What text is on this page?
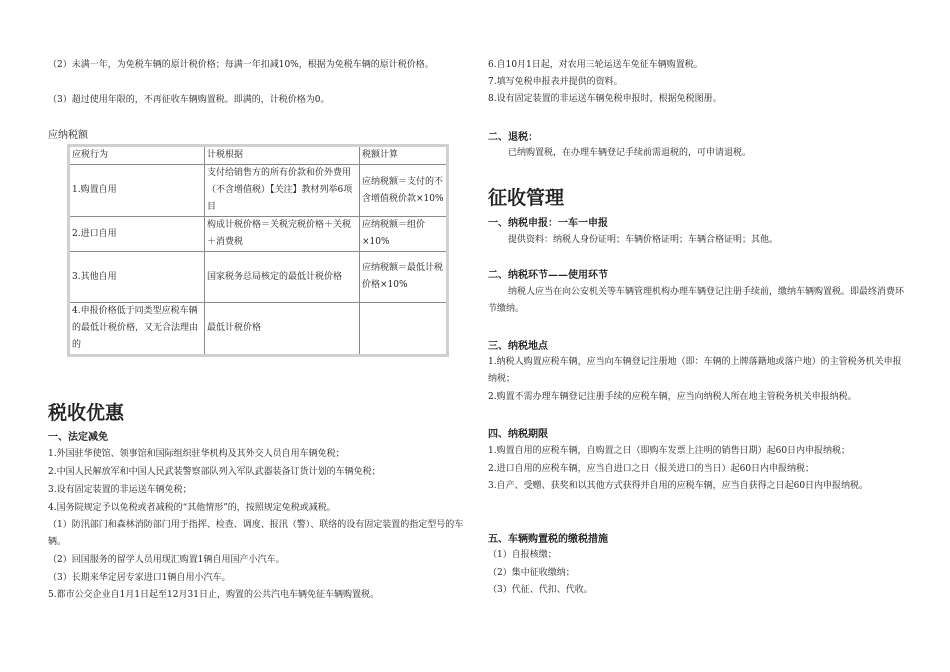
（2）未满一年，为免税车辆的原计税价格；每满一年扣减10%，根据为免税车辆的原计税价格。

（3）超过使用年限的，不再征收车辆购置税。即满的，计税价格为0。

应纳税额
应税行为	计税根据	税额计算
1.购置自用	支付给销售方的所有价款和价外费用（不含增值税）【关注】教材列举6项目	应纳税额＝支付的不含增值税价款×10%
2.进口自用	构成计税价格＝关税完税价格＋关税＋消费税	应纳税额＝组价×10%
3.其他自用	国家税务总局核定的最低计税价格	应纳税额＝最低计税价格×10%
4.申报价格低于同类型应税车辆的最低计税价格，又无合法理由的	最低计税价格	
税收优惠
一、法定减免

1.外国驻华使馆、领事馆和国际组织驻华机构及其外交人员自用车辆免税；

2.中国人民解放军和中国人民武装警察部队列入军队武器装备订货计划的车辆免税；

3.设有固定装置的非运送车辆免税；

4.国务院规定予以免税或者减税的“其他情形”的，按照规定免税或减税。

（1）防汛部门和森林消防部门用于指挥、检查、调度、报汛（警）、联络的设有固定装置的指定型号的车辆。

（2）回国服务的留学人员用现汇购置1辆自用国产小汽车。

（3）长期来华定居专家进口1辆自用小汽车。

5.都市公交企业自1月1日起至12月31日止，购置的公共汽电车辆免征车辆购置税。

6.自10月1日起，对农用三轮运送车免征车辆购置税。

7.填写免税申报表并提供的资料。

8.设有固定装置的非运送车辆免税申报时，根据免税图册。

二、退税：

已纳购置税，在办理车辆登记手续前需退税的，可申请退税。

征收管理
一、纳税申报：一车一申报

提供资料：纳税人身份证明；车辆价格证明；车辆合格证明；其他。

二、纳税环节——使用环节

纳税人应当在向公安机关等车辆管理机构办理车辆登记注册手续前，缴纳车辆购置税。即最终消费环节缴纳。

三、纳税地点

1.纳税人购置应税车辆，应当向车辆登记注册地（即：车辆的上牌落籍地或落户地）的主管税务机关申报纳税；

2.购置不需办理车辆登记注册手续的应税车辆，应当向纳税人所在地主管税务机关申报纳税。

四、纳税期限

1.购置自用的应税车辆，自购置之日（即购车发票上注明的销售日期）起60日内申报纳税；

2.进口自用的应税车辆，应当自进口之日（报关进口的当日）起60日内申报纳税；

3.自产、受赠、获奖和以其他方式获得并自用的应税车辆，应当自获得之日起60日内申报纳税。

五、车辆购置税的缴税措施

（1）自报核缴；

（2）集中征收缴纳；

（3）代征、代扣、代收。
